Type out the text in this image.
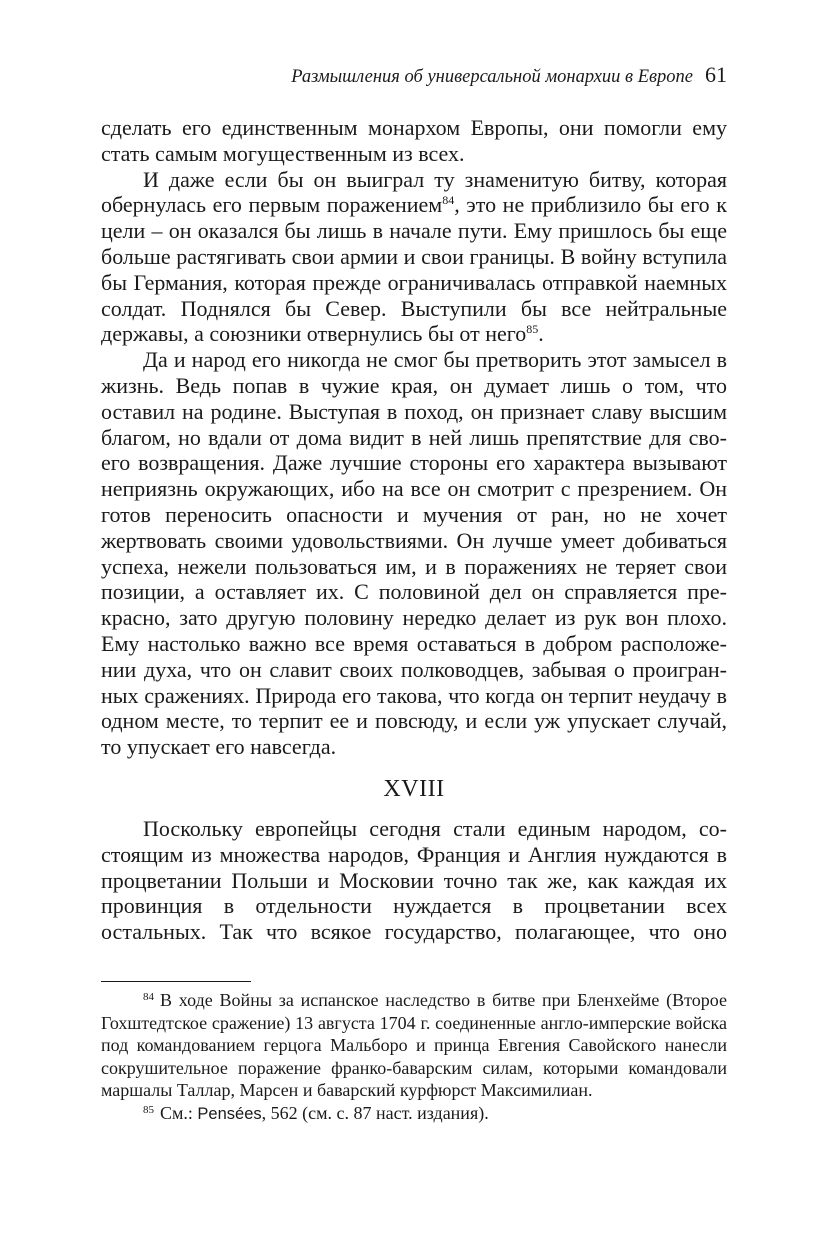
Размышления об универсальной монархии в Европе 61

сделать его единственным монархом Европы, они помогли ему стать самым могущественным из всех.

И даже если бы он выиграл ту знаменитую битву, которая обернулась его первым поражением$^{84}$, это не приблизило бы его к цели – он оказался бы лишь в начале пути. Ему пришлось бы еще больше растягивать свои армии и свои границы. В войну вступила бы Германия, которая прежде ограничивалась отправкой наемных солдат. Поднялся бы Север. Выступили бы все нейтральные державы, а союзники отвернулись бы от него$^{85}$.

Да и народ его никогда не смог бы претворить этот замысел в жизнь. Ведь попав в чужие края, он думает лишь о том, что оставил на родине. Выступая в поход, он признает славу высшим благом, но вдали от дома видит в ней лишь препятствие для своего возвращения. Даже лучшие стороны его характера вызывают неприязнь окружающих, ибо на все он смотрит с презрением. Он готов переносить опасности и мучения от ран, но не хочет жертвовать своими удовольствиями. Он лучше умеет добиваться успеха, нежели пользоваться им, и в поражениях не теряет свои позиции, а оставляет их. С половиной дел он справляется прекрасно, зато другую половину нередко делает из рук вон плохо. Ему настолько важно все время оставаться в добром расположении духа, что он славит своих полководцев, забывая о проигранных сражениях. Природа его такова, что когда он терпит неудачу в одном месте, то терпит ее и повсюду, и если уж упускает случай, то упускает его навсегда.

XVIII

Поскольку европейцы сегодня стали единым народом, состоящим из множества народов, Франция и Англия нуждаются в процветании Польши и Московии точно так же, как каждая их провинция в отдельности нуждается в процветании всех остальных. Так что всякое государство, полагающее, что оно

$^{84}$ В ходе Войны за испанское наследство в битве при Бленхейме (Второе Гохштедтское сражение) 13 августа 1704 г. соединенные англо-имперские войска под командованием герцога Мальборо и принца Евгения Савойского нанесли сокрушительное поражение франко-баварским силам, которыми командовали маршалы Таллар, Марсен и баварский курфюрст Максимилиан.

$^{85}$ См.: Pensées, 562 (см. с. 87 наст. издания).
